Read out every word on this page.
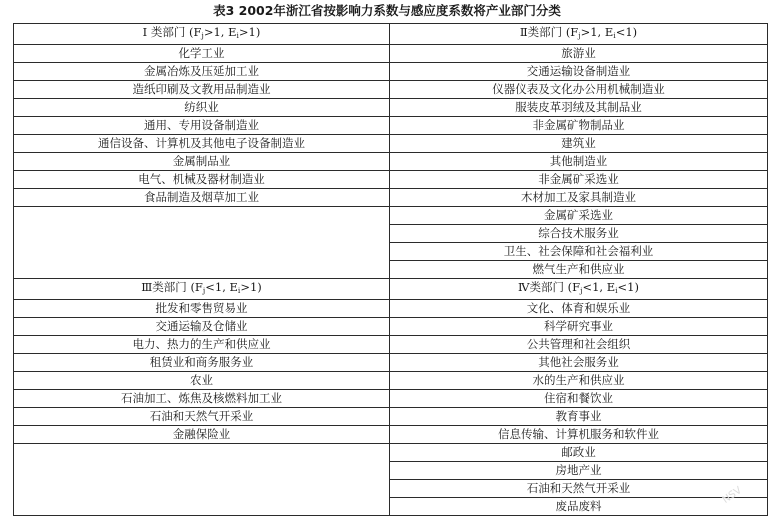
表3 2002年浙江省按影响力系数与感应度系数将产业部门分类
I 类部门 ($F_j>1$, $E_i>1$)	Ⅱ类部门 ($F_j>1$, $E_i<1$)
化学工业	旅游业
金属冶炼及压延加工业	交通运输设备制造业
造纸印刷及文教用品制造业	仪器仪表及文化办公用机械制造业
纺织业	服装皮革羽绒及其制品业
通用、专用设备制造业	非金属矿物制品业
通信设备、计算机及其他电子设备制造业	建筑业
金属制品业	其他制造业
电气、机械及器材制造业	非金属矿采选业
食品制造及烟草加工业	木材加工及家具制造业
	金属矿采选业
	综合技术服务业
	卫生、社会保障和社会福利业
	燃气生产和供应业
Ⅲ类部门 ($F_j<1$, $E_i>1$)	Ⅳ类部门 ($F_j<1$, $E_i<1$)
批发和零售贸易业	文化、体育和娱乐业
交通运输及仓储业	科学研究事业
电力、热力的生产和供应业	公共管理和社会组织
租赁业和商务服务业	其他社会服务业
农业	水的生产和供应业
石油加工、炼焦及核燃料加工业	住宿和餐饮业
石油和天然气开采业	教育事业
金融保险业	信息传输、计算机服务和软件业
	邮政业
	房地产业
	石油和天然气开采业
	废品废料
NSV
